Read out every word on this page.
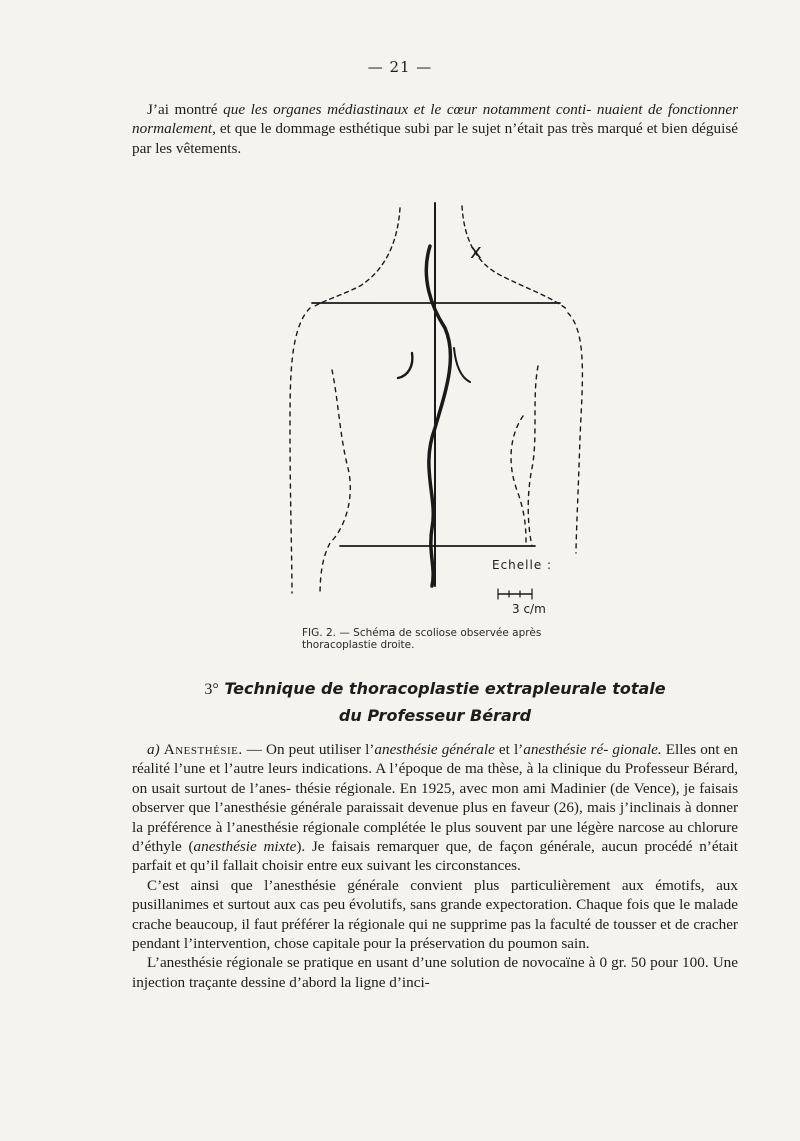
— 21 —
J’ai montré que les organes médiastinaux et le cœur notamment conti- nuaient de fonctionner normalement, et que le dommage esthétique subi par le sujet n’était pas très marqué et bien déguisé par les vêtements.
x
Echelle :
3 c/m
FIG. 2. — Schéma de scoliose observée après thoracoplastie droite.
3° Technique de thoracoplastie extrapleurale totale
du Professeur Bérard

a) Anesthésie. — On peut utiliser l’anesthésie générale et l’anesthésie ré- gionale. Elles ont en réalité l’une et l’autre leurs indications. A l’époque de ma thèse, à la clinique du Professeur Bérard, on usait surtout de l’anes- thésie régionale. En 1925, avec mon ami Madinier (de Vence), je faisais observer que l’anesthésie générale paraissait devenue plus en faveur (26), mais j’inclinais à donner la préférence à l’anesthésie régionale complétée le plus souvent par une légère narcose au chlorure d’éthyle (anesthésie mixte). Je faisais remarquer que, de façon générale, aucun procédé n’était parfait et qu’il fallait choisir entre eux suivant les circonstances.

C’est ainsi que l’anesthésie générale convient plus particulièrement aux émotifs, aux pusillanimes et surtout aux cas peu évolutifs, sans grande expectoration. Chaque fois que le malade crache beaucoup, il faut préférer la régionale qui ne supprime pas la faculté de tousser et de cracher pendant l’intervention, chose capitale pour la préservation du poumon sain.

L’anesthésie régionale se pratique en usant d’une solution de novocaïne à 0 gr. 50 pour 100. Une injection traçante dessine d’abord la ligne d’inci-
